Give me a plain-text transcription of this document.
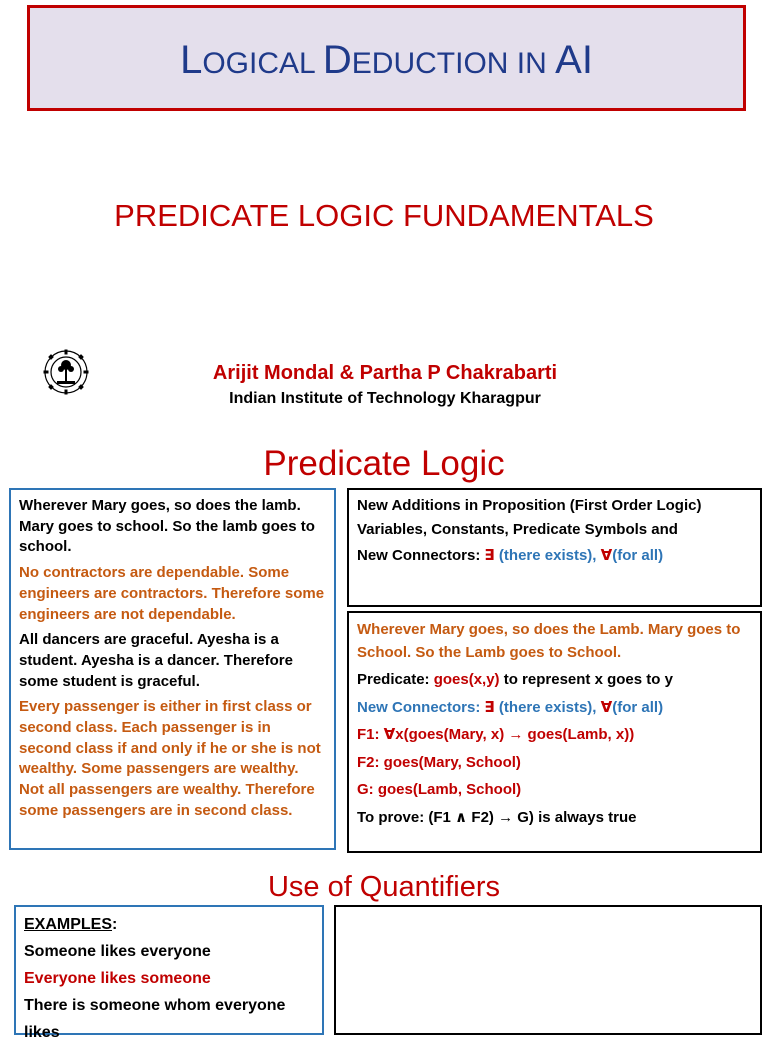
LOGICAL DEDUCTION IN AI
PREDICATE LOGIC FUNDAMENTALS
Arijit Mondal & Partha P Chakrabarti
Indian Institute of Technology Kharagpur
Predicate Logic

Wherever Mary goes, so does the lamb. Mary goes to school. So the lamb goes to school.

No contractors are dependable. Some engineers are contractors. Therefore some engineers are not dependable.

All dancers are graceful. Ayesha is a student. Ayesha is a dancer. Therefore some student is graceful.

Every passenger is either in first class or second class. Each passenger is in second class if and only if he or she is not wealthy. Some passengers are wealthy. Not all passengers are wealthy. Therefore some passengers are in second class.

New Additions in Proposition (First Order Logic)

Variables, Constants, Predicate Symbols and

New Connectors: ∃ (there exists), ∀(for all)

Wherever Mary goes, so does the Lamb. Mary goes to School. So the Lamb goes to School.

Predicate: goes(x,y) to represent x goes to y

New Connectors: ∃ (there exists), ∀(for all)

F1: ∀x(goes(Mary, x) → goes(Lamb, x))

F2: goes(Mary, School)

G: goes(Lamb, School)

To prove: (F1 ∧ F2) → G) is always true

Use of Quantifiers

EXAMPLES:

Someone likes everyone

Everyone likes someone

There is someone whom everyone likes
